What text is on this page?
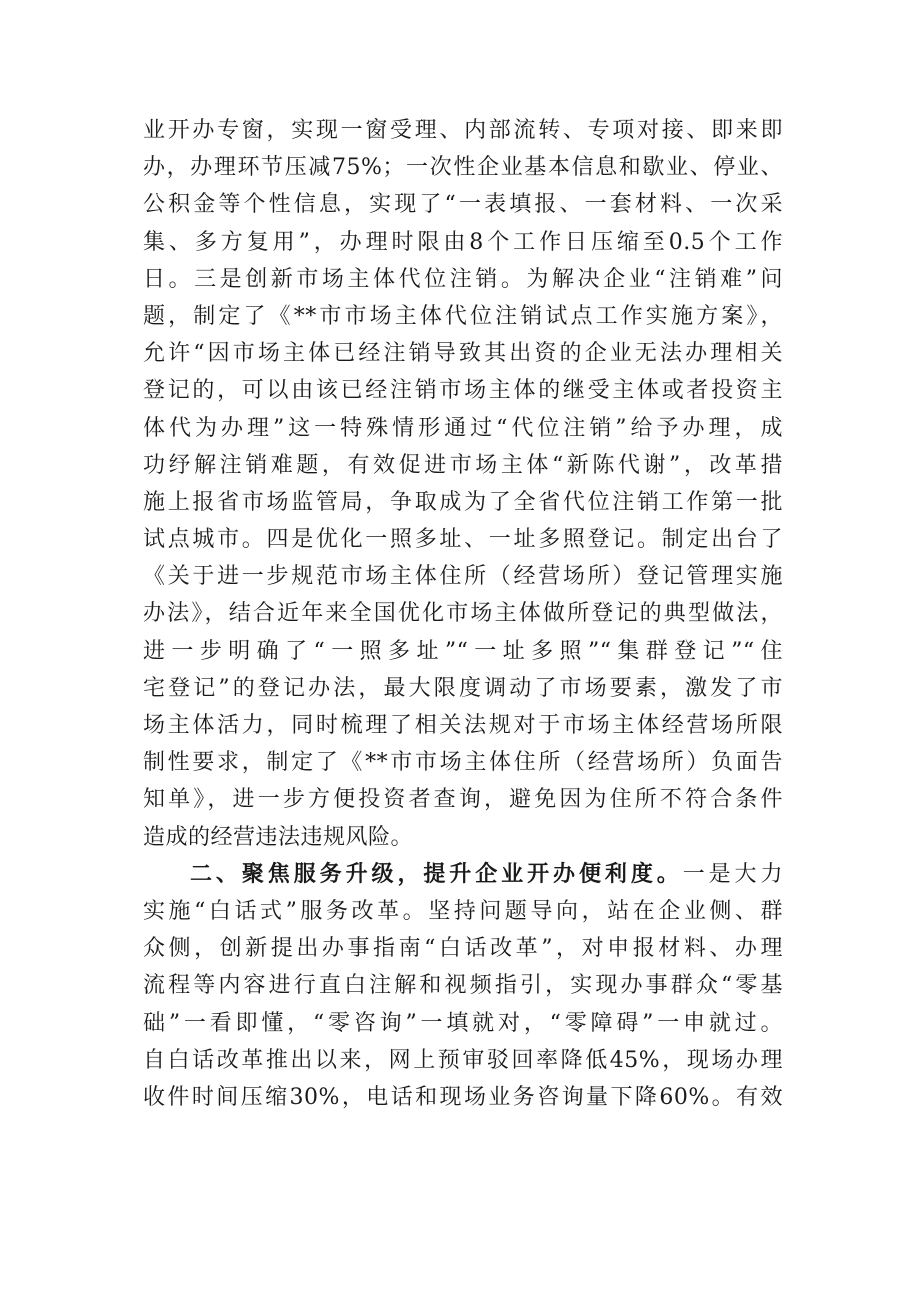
业开办专窗，实现一窗受理、内部流转、专项对接、即来即
办，办理环节压减75%；一次性企业基本信息和歇业、停业、
公积金等个性信息，实现了“一表填报、一套材料、一次采
集、多方复用”，办理时限由8个工作日压缩至0.5个工作
日。三是创新市场主体代位注销。为解决企业“注销难”问
题，制定了《**市市场主体代位注销试点工作实施方案》，
允许“因市场主体已经注销导致其出资的企业无法办理相关
登记的，可以由该已经注销市场主体的继受主体或者投资主
体代为办理”这一特殊情形通过“代位注销”给予办理，成
功纾解注销难题，有效促进市场主体“新陈代谢”，改革措
施上报省市场监管局，争取成为了全省代位注销工作第一批
试点城市。四是优化一照多址、一址多照登记。制定出台了
《关于进一步规范市场主体住所（经营场所）登记管理实施
办法》，结合近年来全国优化市场主体做所登记的典型做法，
进一步明确了“一照多址”“一址多照”“集群登记”“住
宅登记”的登记办法，最大限度调动了市场要素，激发了市
场主体活力，同时梳理了相关法规对于市场主体经营场所限
制性要求，制定了《**市市场主体住所（经营场所）负面告
知单》，进一步方便投资者查询，避免因为住所不符合条件
造成的经营违法违规风险。
二、聚焦服务升级，提升企业开办便利度。一是大力
实施“白话式”服务改革。坚持问题导向，站在企业侧、群
众侧，创新提出办事指南“白话改革”，对申报材料、办理
流程等内容进行直白注解和视频指引，实现办事群众“零基
础”一看即懂，“零咨询”一填就对，“零障碍”一申就过。
自白话改革推出以来，网上预审驳回率降低45%，现场办理
收件时间压缩30%，电话和现场业务咨询量下降60%。有效
